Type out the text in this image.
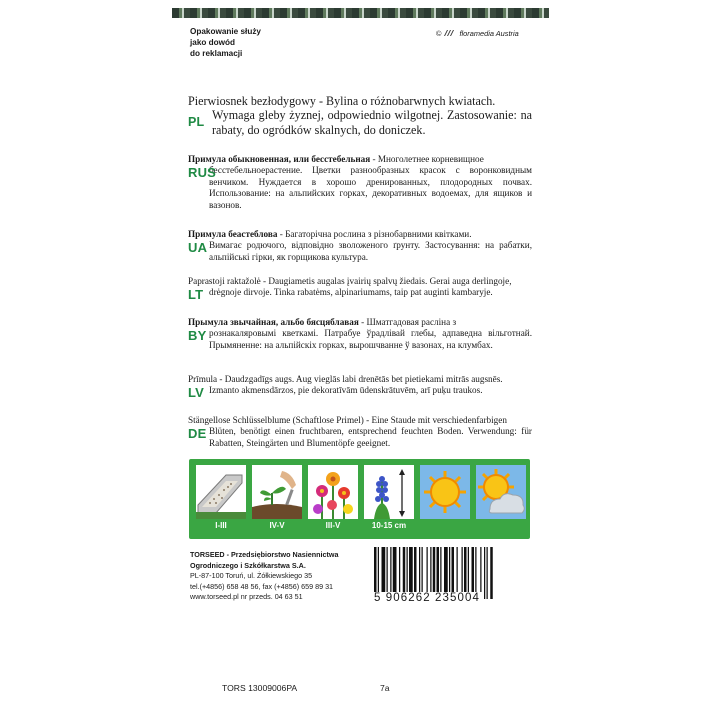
Opakowanie służy
jako dowód
do reklamacji
© floramedia Austria
PL
Pierwiosnek bezłodygowy - Bylina o różnobarwnych kwiatach.
Wymaga gleby żyznej, odpowiednio wilgotnej. Zastosowanie: na rabaty, do ogródków skalnych, do doniczek.
RUS
Примула обыкновенная, или бесстебельная - Многолетнее корневищное
бесстебельноерастение. Цветки разнообразных красок с воронковидным венчиком. Нуждается в хорошо дренированных, плодородных почвах. Использование: на альпийских горках, декоративных водоемах, для ящиков и вазонов.
UA
Примула беастеблова - Багаторічна рослина з різнобарвними квітками.
Вимагає родючого, відповідно зволоженого ґрунту. Застосування: на рабатки, альпійські гірки, як горщикова культура.
LT
Paprastoji raktažolė - Daugiametis augalas įvairių spalvų žiedais. Gerai auga derlingoje,
drėgnoje dirvoje. Tinka rabatėms, alpinariumams, taip pat auginti kambaryje.
BY
Прымула звычайная, альбо бясцяблавая - Шматгадовая расліна з
рознакаляровымі кветкамі. Патрабуе ўрадлівай глебы, адпаведна вільготнай. Прымяненне: на альпійскіх горках, вырошчванне ў вазонах, на клумбах.
LV
Prīmula - Daudzgadīgs augs. Aug vieglās labi drenētās bet pietiekami mitrās augsnēs.
Izmanto akmensdārzos, pie dekoratīvām ūdenskrātuvēm, arī puķu traukos.
DE
Stängellose Schlüsselblume (Schaftlose Primel) - Eine Staude mit verschiedenfarbigen
Blüten, benötigt einen fruchtbaren, entsprechend feuchten Boden. Verwendung: für Rabatten, Steingärten und Blumentöpfe geeignet.
I-III	IV-V	III-V	10-15 cm
TORSEED - Przedsiębiorstwo Nasiennictwa
Ogrodniczego i Szkółkarstwa S.A.
PL-87-100 Toruń, ul. Żółkiewskiego 35
tel.(+4856) 658 48 56, fax (+4856) 659 89 31
www.torseed.pl nr przeds. 04 63 51	5 906262 235004
TORS 13009006PA	7a
